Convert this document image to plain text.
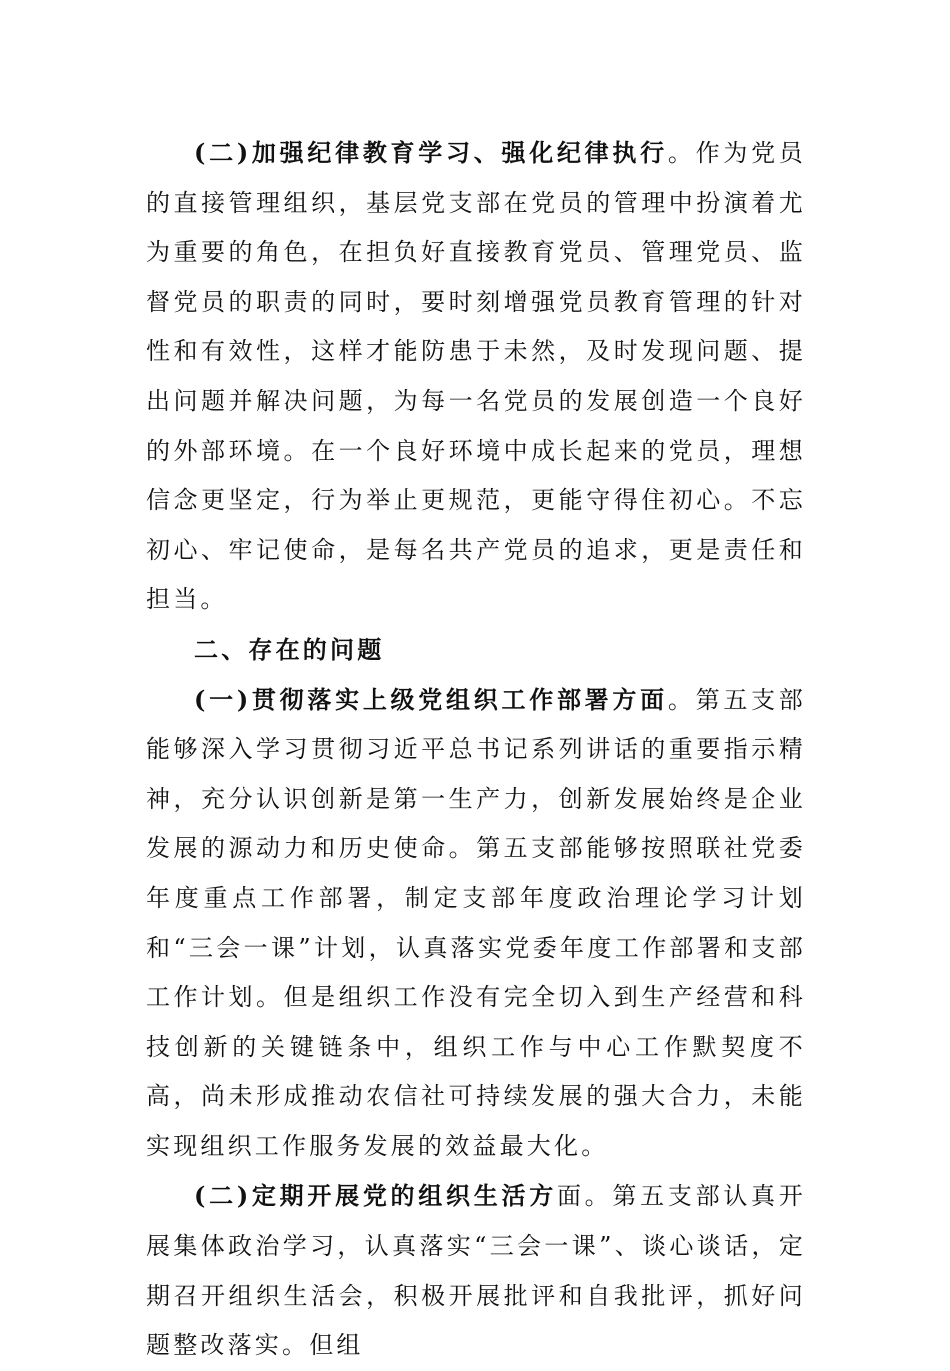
(二)加强纪律教育学习、强化纪律执行。作为党员的直接管理组织，基层党支部在党员的管理中扮演着尤为重要的角色，在担负好直接教育党员、管理党员、监督党员的职责的同时，要时刻增强党员教育管理的针对性和有效性，这样才能防患于未然，及时发现问题、提出问题并解决问题，为每一名党员的发展创造一个良好的外部环境。在一个良好环境中成长起来的党员，理想信念更坚定，行为举止更规范，更能守得住初心。不忘初心、牢记使命，是每名共产党员的追求，更是责任和担当。

二、存在的问题

(一)贯彻落实上级党组织工作部署方面。第五支部能够深入学习贯彻习近平总书记系列讲话的重要指示精神，充分认识创新是第一生产力，创新发展始终是企业发展的源动力和历史使命。第五支部能够按照联社党委年度重点工作部署，制定支部年度政治理论学习计划和“三会一课”计划，认真落实党委年度工作部署和支部工作计划。但是组织工作没有完全切入到生产经营和科技创新的关键链条中，组织工作与中心工作默契度不高，尚未形成推动农信社可持续发展的强大合力，未能实现组织工作服务发展的效益最大化。

(二)定期开展党的组织生活方面。第五支部认真开展集体政治学习，认真落实“三会一课”、谈心谈话，定期召开组织生活会，积极开展批评和自我批评，抓好问题整改落实。但组
